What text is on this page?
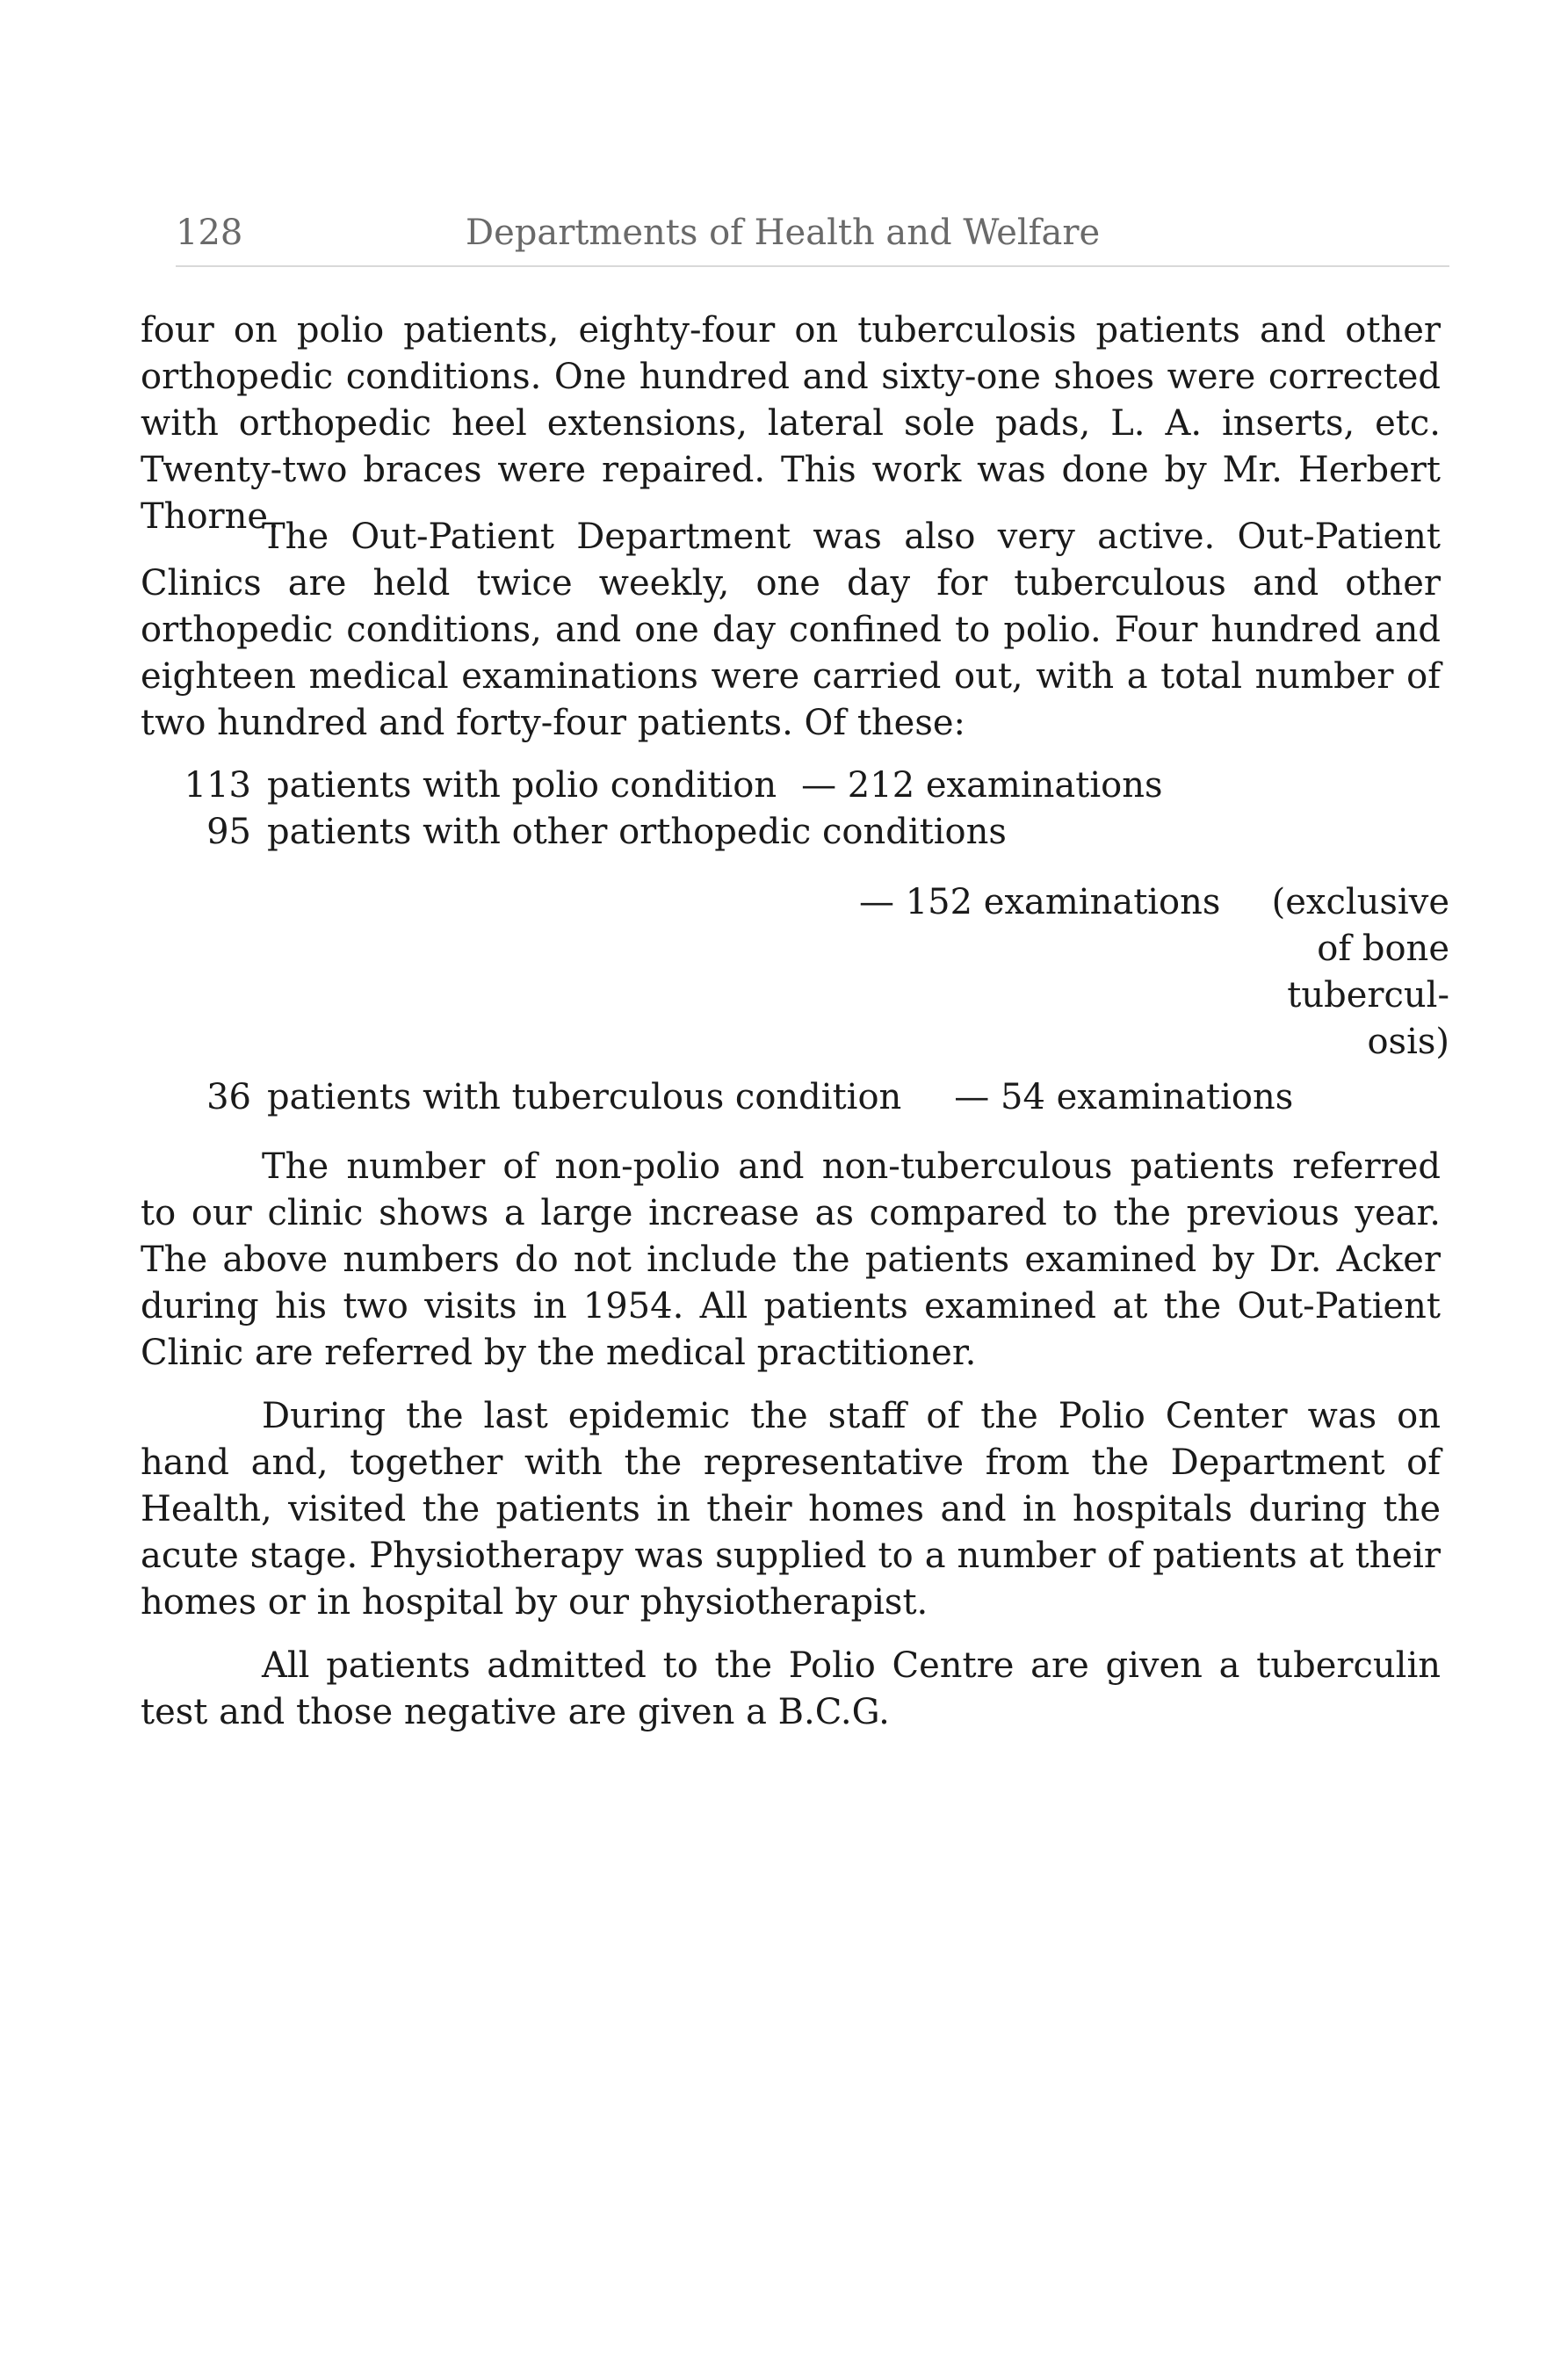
128	Departments of Health and Welfare

four on polio patients, eighty-four on tuberculosis patients and other orthopedic conditions. One hundred and sixty-one shoes were corrected with orthopedic heel extensions, lateral sole pads, L. A. inserts, etc. Twenty-two braces were repaired. This work was done by Mr. Herbert Thorne.

The Out-Patient Department was also very active. Out-Patient Clinics are held twice weekly, one day for tuberculous and other orthopedic conditions, and one day confined to polio. Four hundred and eighteen medical examinations were carried out, with a total number of two hundred and forty-four patients. Of these:

113 patients with polio condition — 212 examinations
95 patients with other orthopedic conditions
— 152 examinations	(exclusive of bone tubercul- osis)
36 patients with tuberculous condition — 54 examinations

The number of non-polio and non-tuberculous patients referred to our clinic shows a large increase as compared to the previous year. The above numbers do not include the patients examined by Dr. Acker during his two visits in 1954. All patients examined at the Out-Patient Clinic are referred by the medical practitioner.

During the last epidemic the staff of the Polio Center was on hand and, together with the representative from the Department of Health, visited the patients in their homes and in hospitals during the acute stage. Physiotherapy was supplied to a number of patients at their homes or in hospital by our physiotherapist.

All patients admitted to the Polio Centre are given a tuberculin test and those negative are given a B.C.G.
